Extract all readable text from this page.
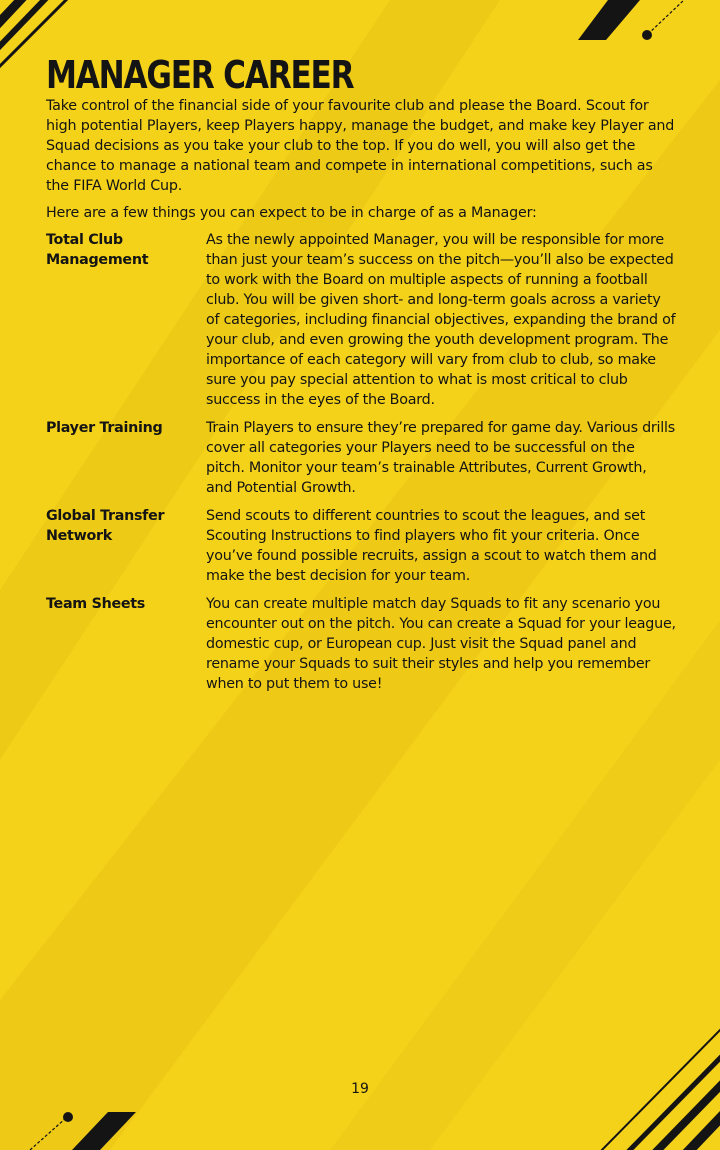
MANAGER CAREER

Take control of the financial side of your favourite club and please the Board. Scout for high potential Players, keep Players happy, manage the budget, and make key Player and Squad decisions as you take your club to the top. If you do well, you will also get the chance to manage a national team and compete in international competitions, such as the FIFA World Cup.

Here are a few things you can expect to be in charge of as a Manager:

Total Club Management
As the newly appointed Manager, you will be responsible for more than just your team’s success on the pitch—you’ll also be expected to work with the Board on multiple aspects of running a football club. You will be given short- and long-term goals across a variety of categories, including financial objectives, expanding the brand of your club, and even growing the youth development program. The importance of each category will vary from club to club, so make sure you pay special attention to what is most critical to club success in the eyes of the Board.
Player Training	Train Players to ensure they’re prepared for game day. Various drills cover all categories your Players need to be successful on the pitch. Monitor your team’s trainable Attributes, Current Growth, and Potential Growth.
Global Transfer Network
Send scouts to different countries to scout the leagues, and set Scouting Instructions to find players who fit your criteria. Once you’ve found possible recruits, assign a scout to watch them and make the best decision for your team.
Team Sheets	You can create multiple match day Squads to fit any scenario you encounter out on the pitch. You can create a Squad for your league, domestic cup, or European cup. Just visit the Squad panel and rename your Squads to suit their styles and help you remember when to put them to use!
19
